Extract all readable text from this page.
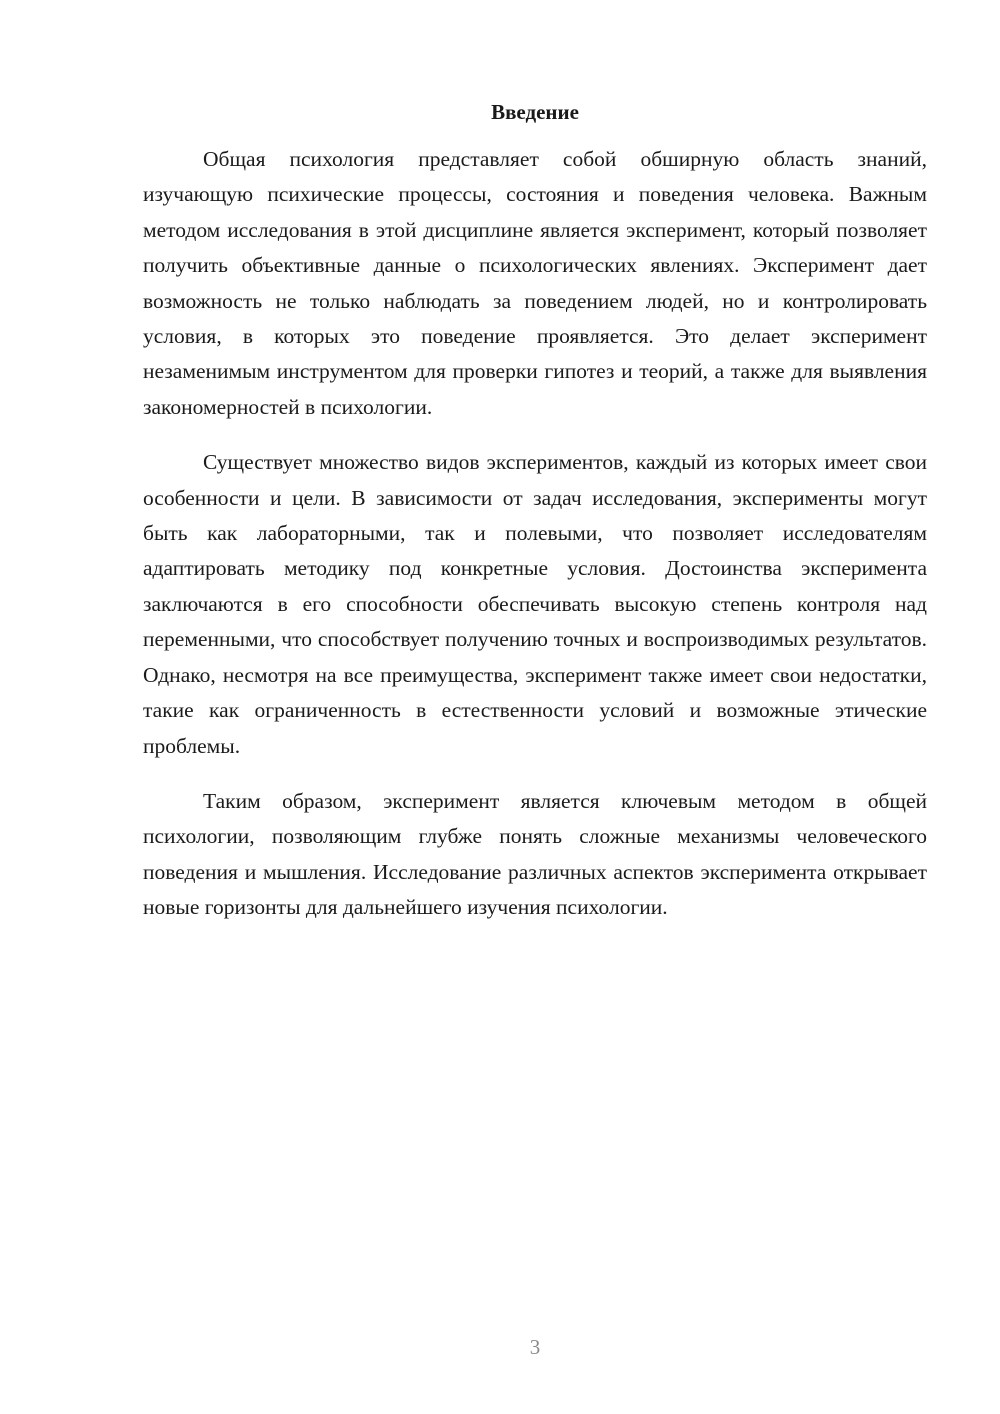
Введение

Общая психология представляет собой обширную область знаний, изучающую психические процессы, состояния и поведения человека. Важным методом исследования в этой дисциплине является эксперимент, который позволяет получить объективные данные о психологических явлениях. Эксперимент дает возможность не только наблюдать за поведением людей, но и контролировать условия, в которых это поведение проявляется. Это делает эксперимент незаменимым инструментом для проверки гипотез и теорий, а также для выявления закономерностей в психологии.

Существует множество видов экспериментов, каждый из которых имеет свои особенности и цели. В зависимости от задач исследования, эксперименты могут быть как лабораторными, так и полевыми, что позволяет исследователям адаптировать методику под конкретные условия. Достоинства эксперимента заключаются в его способности обеспечивать высокую степень контроля над переменными, что способствует получению точных и воспроизводимых результатов. Однако, несмотря на все преимущества, эксперимент также имеет свои недостатки, такие как ограниченность в естественности условий и возможные этические проблемы.

Таким образом, эксперимент является ключевым методом в общей психологии, позволяющим глубже понять сложные механизмы человеческого поведения и мышления. Исследование различных аспектов эксперимента открывает новые горизонты для дальнейшего изучения психологии.

3
